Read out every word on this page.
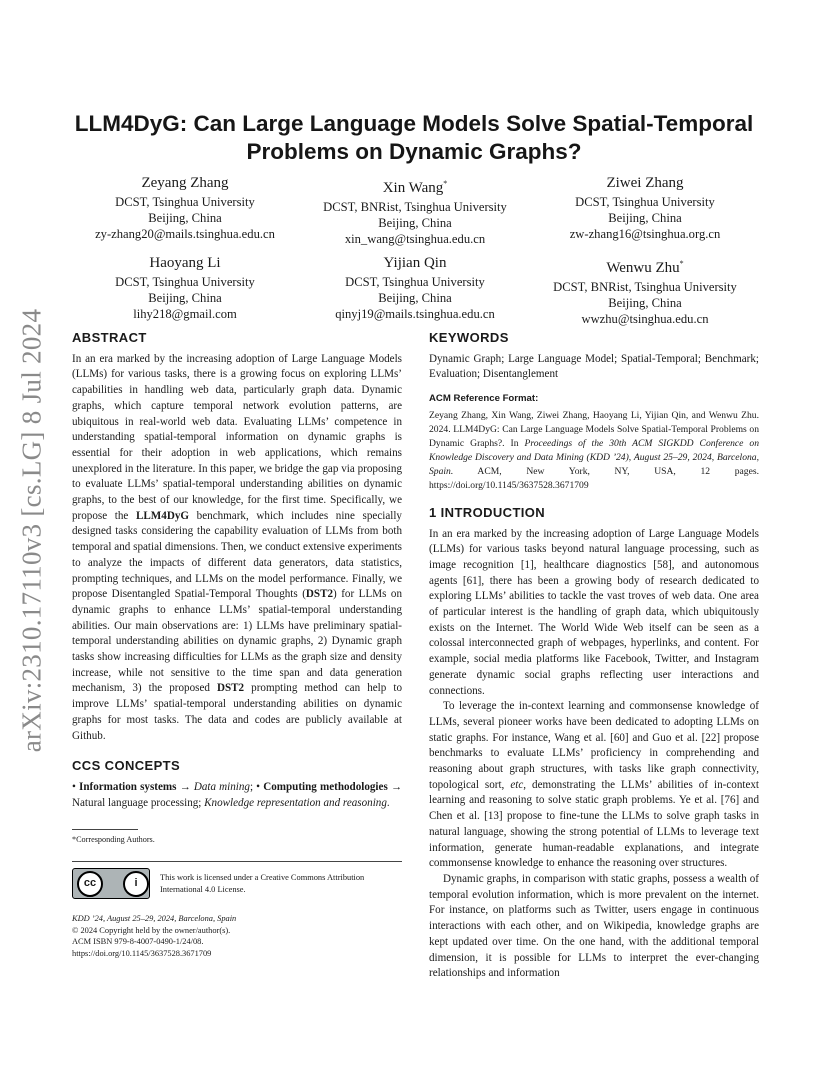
arXiv:2310.17110v3 [cs.LG] 8 Jul 2024
LLM4DyG: Can Large Language Models Solve Spatial-Temporal
Problems on Dynamic Graphs?
Zeyang Zhang
DCST, Tsinghua University
Beijing, China
zy-zhang20@mails.tsinghua.edu.cn
Xin Wang*
DCST, BNRist, Tsinghua University
Beijing, China
xin_wang@tsinghua.edu.cn
Ziwei Zhang
DCST, Tsinghua University
Beijing, China
zw-zhang16@tsinghua.org.cn
Haoyang Li
DCST, Tsinghua University
Beijing, China
lihy218@gmail.com
Yijian Qin
DCST, Tsinghua University
Beijing, China
qinyj19@mails.tsinghua.edu.cn
Wenwu Zhu*
DCST, BNRist, Tsinghua University
Beijing, China
wwzhu@tsinghua.edu.cn
ABSTRACT

In an era marked by the increasing adoption of Large Language Models (LLMs) for various tasks, there is a growing focus on exploring LLMs’ capabilities in handling web data, particularly graph data. Dynamic graphs, which capture temporal network evolution patterns, are ubiquitous in real-world web data. Evaluating LLMs’ competence in understanding spatial-temporal information on dynamic graphs is essential for their adoption in web applications, which remains unexplored in the literature. In this paper, we bridge the gap via proposing to evaluate LLMs’ spatial-temporal understanding abilities on dynamic graphs, to the best of our knowledge, for the first time. Specifically, we propose the LLM4DyG benchmark, which includes nine specially designed tasks considering the capability evaluation of LLMs from both temporal and spatial dimensions. Then, we conduct extensive experiments to analyze the impacts of different data generators, data statistics, prompting techniques, and LLMs on the model performance. Finally, we propose Disentangled Spatial-Temporal Thoughts (DST2) for LLMs on dynamic graphs to enhance LLMs’ spatial-temporal understanding abilities. Our main observations are: 1) LLMs have preliminary spatial-temporal understanding abilities on dynamic graphs, 2) Dynamic graph tasks show increasing difficulties for LLMs as the graph size and density increase, while not sensitive to the time span and data generation mechanism, 3) the proposed DST2 prompting method can help to improve LLMs’ spatial-temporal understanding abilities on dynamic graphs for most tasks. The data and codes are publicly available at Github.

CCS CONCEPTS

• Information systems → Data mining; • Computing methodologies → Natural language processing; Knowledge representation and reasoning.

*Corresponding Authors.
cc	i	This work is licensed under a Creative Commons Attribution International 4.0 License.
KDD ’24, August 25–29, 2024, Barcelona, Spain
© 2024 Copyright held by the owner/author(s).
ACM ISBN 979-8-4007-0490-1/24/08.
https://doi.org/10.1145/3637528.3671709
KEYWORDS

Dynamic Graph; Large Language Model; Spatial-Temporal; Benchmark; Evaluation; Disentanglement

ACM Reference Format:

Zeyang Zhang, Xin Wang, Ziwei Zhang, Haoyang Li, Yijian Qin, and Wenwu Zhu. 2024. LLM4DyG: Can Large Language Models Solve Spatial-Temporal Problems on Dynamic Graphs?. In Proceedings of the 30th ACM SIGKDD Conference on Knowledge Discovery and Data Mining (KDD ’24), August 25–29, 2024, Barcelona, Spain. ACM, New York, NY, USA, 12 pages. https://doi.org/10.1145/3637528.3671709

1 INTRODUCTION

In an era marked by the increasing adoption of Large Language Models (LLMs) for various tasks beyond natural language processing, such as image recognition [1], healthcare diagnostics [58], and autonomous agents [61], there has been a growing body of research dedicated to exploring LLMs’ abilities to tackle the vast troves of web data. One area of particular interest is the handling of graph data, which ubiquitously exists on the Internet. The World Wide Web itself can be seen as a colossal interconnected graph of webpages, hyperlinks, and content. For example, social media platforms like Facebook, Twitter, and Instagram generate dynamic social graphs reflecting user interactions and connections.

To leverage the in-context learning and commonsense knowledge of LLMs, several pioneer works have been dedicated to adopting LLMs on static graphs. For instance, Wang et al. [60] and Guo et al. [22] propose benchmarks to evaluate LLMs’ proficiency in comprehending and reasoning about graph structures, with tasks like graph connectivity, topological sort, etc, demonstrating the LLMs’ abilities of in-context learning and reasoning to solve static graph problems. Ye et al. [76] and Chen et al. [13] propose to fine-tune the LLMs to solve graph tasks in natural language, showing the strong potential of LLMs to leverage text information, generate human-readable explanations, and integrate commonsense knowledge to enhance the reasoning over structures.

Dynamic graphs, in comparison with static graphs, possess a wealth of temporal evolution information, which is more prevalent on the internet. For instance, on platforms such as Twitter, users engage in continuous interactions with each other, and on Wikipedia, knowledge graphs are kept updated over time. On the one hand, with the additional temporal dimension, it is possible for LLMs to interpret the ever-changing relationships and information
